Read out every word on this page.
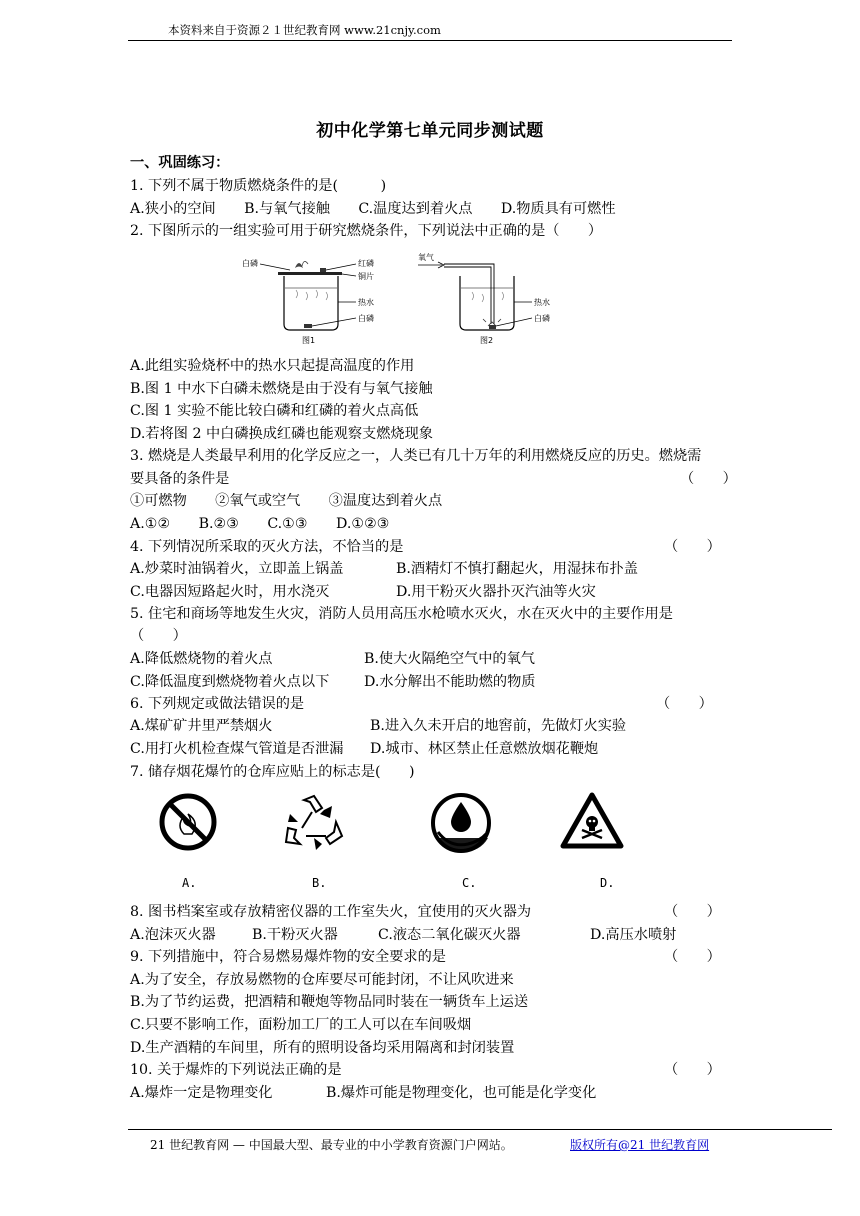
本资料来自于资源２１世纪教育网 www.21cnjy.com
初中化学第七单元同步测试题
一、巩固练习：
1. 下列不属于物质燃烧条件的是(　　　)
A.狭小的空间　　B.与氧气接触　　C.温度达到着火点　　D.物质具有可燃性
2. 下图所示的一组实验可用于研究燃烧条件，下列说法中正确的是（　　）
白磷	红磷
铜片
热水
白磷
图1
氧气
热水
白磷
图2
A.此组实验烧杯中的热水只起提高温度的作用
B.图 1 中水下白磷未燃烧是由于没有与氧气接触
C.图 1 实验不能比较白磷和红磷的着火点高低
D.若将图 2 中白磷换成红磷也能观察支燃烧现象
3. 燃烧是人类最早利用的化学反应之一，人类已有几十万年的利用燃烧反应的历史。燃烧需
要具备的条件是	（　　）
①可燃物　　②氧气或空气　　③温度达到着火点
A.①②　　B.②③　　C.①③　　D.①②③
4. 下列情况所采取的灭火方法，不恰当的是	（　　）
A.炒菜时油锅着火，立即盖上锅盖	B.酒精灯不慎打翻起火，用湿抹布扑盖
C.电器因短路起火时，用水浇灭	D.用干粉灭火器扑灭汽油等火灾
5. 住宅和商场等地发生火灾，消防人员用高压水枪喷水灭火，水在灭火中的主要作用是
（　　）
A.降低燃烧物的着火点	B.使大火隔绝空气中的氧气
C.降低温度到燃烧物着火点以下 D.水分解出不能助燃的物质
6. 下列规定或做法错误的是	（　　）
A.煤矿矿井里严禁烟火	B.进入久未开启的地窖前，先做灯火实验
C.用打火机检查煤气管道是否泄漏 D.城市、林区禁止任意燃放烟花鞭炮
7. 储存烟花爆竹的仓库应贴上的标志是(　　)
A.	B.	C.	D.
8. 图书档案室或存放精密仪器的工作室失火，宜使用的灭火器为	（　　）
A.泡沫灭火器	B.干粉灭火器	C.液态二氧化碳灭火器	D.高压水喷射
9. 下列措施中，符合易燃易爆炸物的安全要求的是	（　　）
A.为了安全，存放易燃物的仓库要尽可能封闭，不让风吹进来
B.为了节约运费，把酒精和鞭炮等物品同时装在一辆货车上运送
C.只要不影响工作，面粉加工厂的工人可以在车间吸烟
D.生产酒精的车间里，所有的照明设备均采用隔离和封闭装置
10. 关于爆炸的下列说法正确的是	（　　）
A.爆炸一定是物理变化	B.爆炸可能是物理变化，也可能是化学变化
21 世纪教育网 — 中国最大型、最专业的中小学教育资源门户网站。	版权所有@21 世纪教育网
